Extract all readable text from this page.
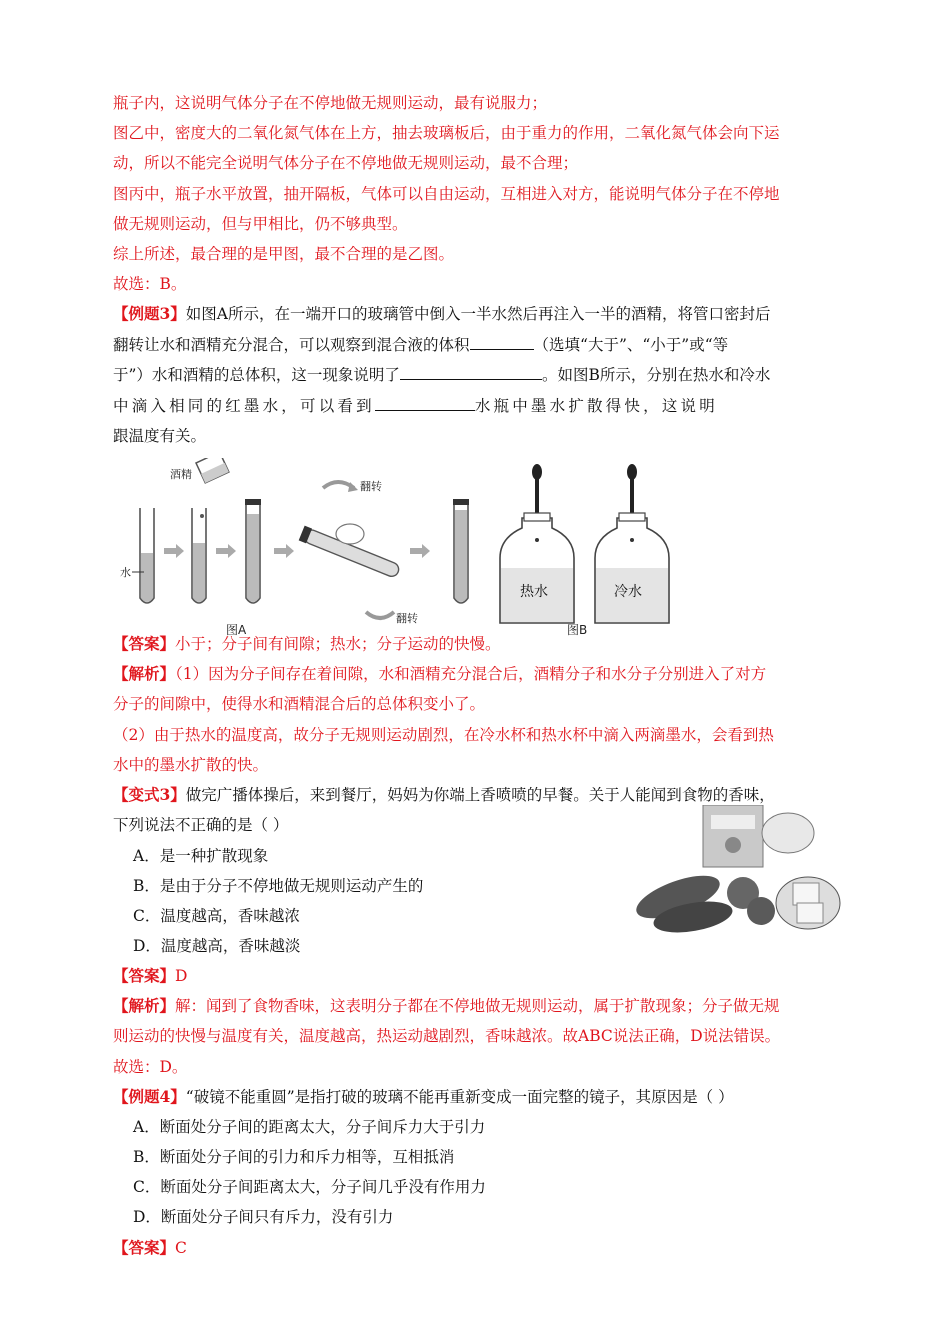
瓶子内，这说明气体分子在不停地做无规则运动，最有说服力；
图乙中，密度大的二氧化氮气体在上方，抽去玻璃板后，由于重力的作用，二氧化氮气体会向下运
动，所以不能完全说明气体分子在不停地做无规则运动，最不合理；
图丙中，瓶子水平放置，抽开隔板，气体可以自由运动，互相进入对方，能说明气体分子在不停地
做无规则运动，但与甲相比，仍不够典型。
综上所述，最合理的是甲图，最不合理的是乙图。
故选：B。
【例题3】如图A所示，在一端开口的玻璃管中倒入一半水然后再注入一半的酒精，将管口密封后
翻转让水和酒精充分混合，可以观察到混合液的体积	（选填“大于”、“小于”或“等
于”）水和酒精的总体积，这一现象说明了	。如图B所示，分别在热水和冷水
中滴入相同的红墨水，可以看到	水瓶中墨水扩散得快，这说明
跟温度有关。
酒精
翻转
翻转
水
图A
热水	冷水
图B
【答案】小于；分子间有间隙；热水；分子运动的快慢。
【解析】（1）因为分子间存在着间隙，水和酒精充分混合后，酒精分子和水分子分别进入了对方
分子的间隙中，使得水和酒精混合后的总体积变小了。
（2）由于热水的温度高，故分子无规则运动剧烈，在冷水杯和热水杯中滴入两滴墨水，会看到热
水中的墨水扩散的快。
【变式3】做完广播体操后，来到餐厅，妈妈为你端上香喷喷的早餐。关于人能闻到食物的香味，
下列说法不正确的是（ ）
A．是一种扩散现象
B．是由于分子不停地做无规则运动产生的
C．温度越高，香味越浓
D．温度越高，香味越淡
【答案】D
【解析】解：闻到了食物香味，这表明分子都在不停地做无规则运动，属于扩散现象；分子做无规
则运动的快慢与温度有关，温度越高，热运动越剧烈，香味越浓。故ABC说法正确，D说法错误。
故选：D。
【例题4】“破镜不能重圆”是指打破的玻璃不能再重新变成一面完整的镜子，其原因是（ ）
A．断面处分子间的距离太大，分子间斥力大于引力
B．断面处分子间的引力和斥力相等，互相抵消
C．断面处分子间距离太大，分子间几乎没有作用力
D．断面处分子间只有斥力，没有引力
【答案】C
